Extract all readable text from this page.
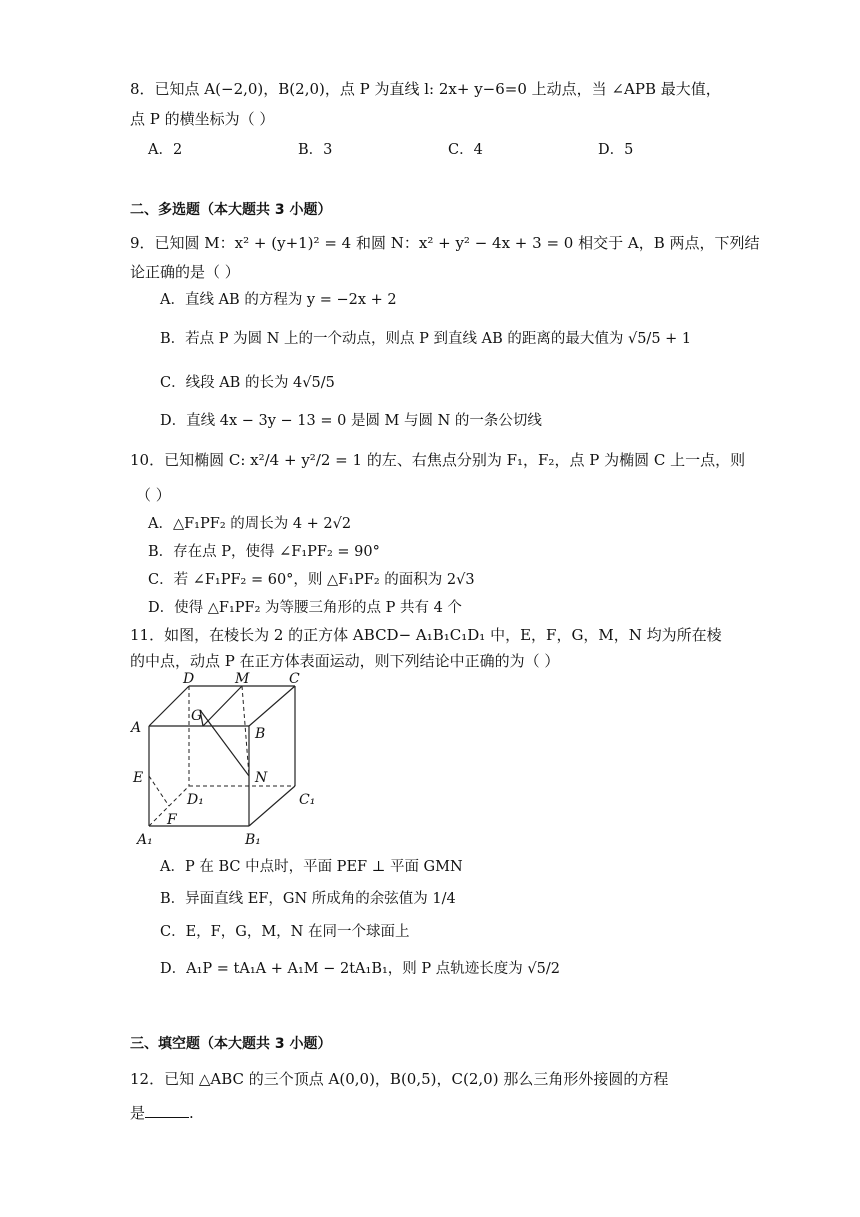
8．已知点 A(−2,0)，B(2,0)，点 P 为直线 l: 2x+ y−6=0 上动点，当 ∠APB 最大值，
点 P 的横坐标为（ ）
A．2	B．3	C．4	D．5
二、多选题（本大题共 3 小题）
9．已知圆 M：x² + (y+1)² = 4 和圆 N：x² + y² − 4x + 3 = 0 相交于 A，B 两点，下列结
论正确的是（ ）
A．直线 AB 的方程为 y = −2x + 2
B．若点 P 为圆 N 上的一个动点，则点 P 到直线 AB 的距离的最大值为 √5/5 + 1
C．线段 AB 的长为 4√5/5
D．直线 4x − 3y − 13 = 0 是圆 M 与圆 N 的一条公切线
10．已知椭圆 C: x²/4 + y²/2 = 1 的左、右焦点分别为 F₁，F₂，点 P 为椭圆 C 上一点，则
（ ）
A．△F₁PF₂ 的周长为 4 + 2√2
B．存在点 P，使得 ∠F₁PF₂ = 90°
C．若 ∠F₁PF₂ = 60°，则 △F₁PF₂ 的面积为 2√3
D．使得 △F₁PF₂ 为等腰三角形的点 P 共有 4 个
11．如图，在棱长为 2 的正方体 ABCD− A₁B₁C₁D₁ 中，E，F，G，M，N 均为所在棱
的中点，动点 P 在正方体表面运动，则下列结论中正确的为（ ）
D	M	C
G
A	B
E	N
D₁	C₁
F
A₁	B₁
A．P 在 BC 中点时，平面 PEF ⊥ 平面 GMN
B．异面直线 EF，GN 所成角的余弦值为 1/4
C．E，F，G，M，N 在同一个球面上
D．A₁P = tA₁A + A₁M − 2tA₁B₁，则 P 点轨迹长度为 √5/2
三、填空题（本大题共 3 小题）
12．已知 △ABC 的三个顶点 A(0,0)，B(0,5)，C(2,0) 那么三角形外接圆的方程
是	.
